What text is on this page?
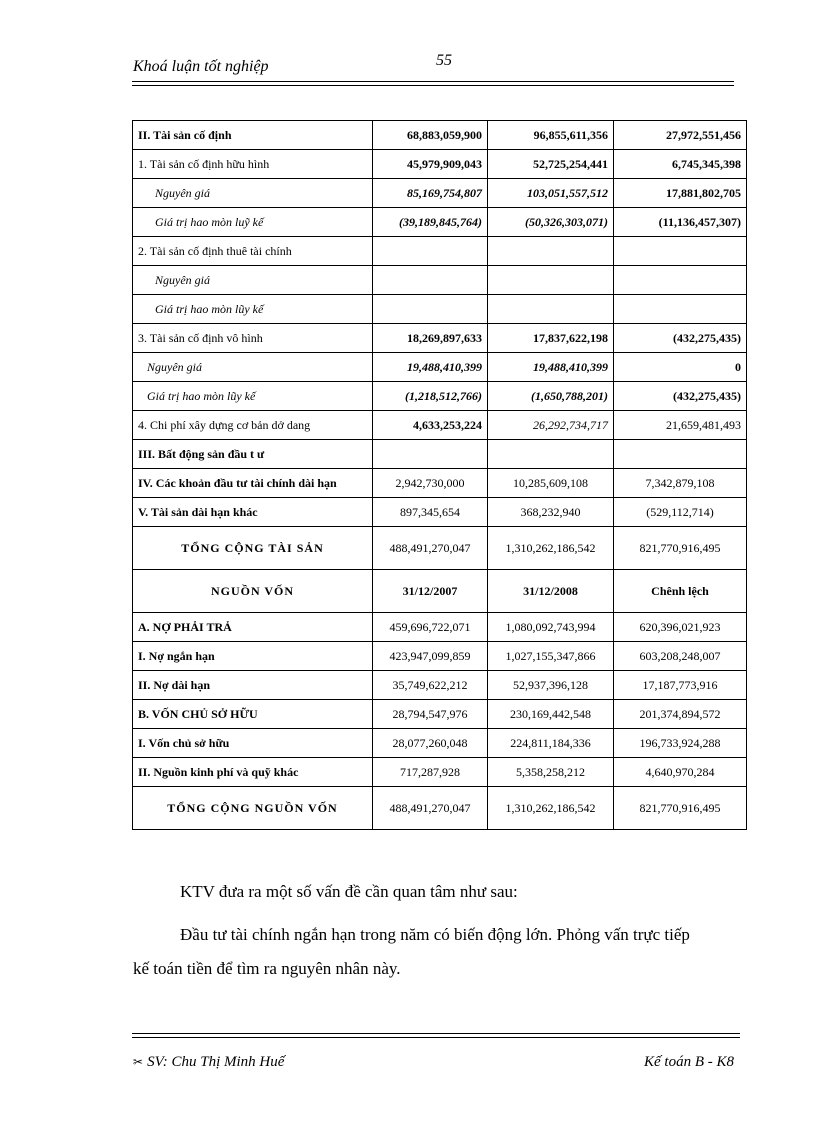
Khoá luận tốt nghiệp	55
II. Tài sản cố định	68,883,059,900	96,855,611,356	27,972,551,456
1. Tài sản cố định hữu hình	45,979,909,043	52,725,254,441	6,745,345,398
Nguyên giá	85,169,754,807	103,051,557,512	17,881,802,705
Giá trị hao mòn luỹ kế	(39,189,845,764)	(50,326,303,071)	(11,136,457,307)
2. Tài sản cố định thuê tài chính			
Nguyên giá			
Giá trị hao mòn lũy kế			
3. Tài sản cố định vô hình	18,269,897,633	17,837,622,198	(432,275,435)
Nguyên giá	19,488,410,399	19,488,410,399	0
Giá trị hao mòn lũy kế	(1,218,512,766)	(1,650,788,201)	(432,275,435)
4. Chi phí xây dựng cơ bản dở dang	4,633,253,224	26,292,734,717	21,659,481,493
III. Bất động sản đầu t ư			
IV. Các khoản đầu tư tài chính dài hạn	2,942,730,000	10,285,609,108	7,342,879,108
V. Tài sản dài hạn khác	897,345,654	368,232,940	(529,112,714)
TỔNG CỘNG TÀI SẢN	488,491,270,047	1,310,262,186,542	821,770,916,495
NGUỒN VỐN	31/12/2007	31/12/2008	Chênh lệch
A. NỢ PHẢI TRẢ	459,696,722,071	1,080,092,743,994	620,396,021,923
I. Nợ ngắn hạn	423,947,099,859	1,027,155,347,866	603,208,248,007
II. Nợ dài hạn	35,749,622,212	52,937,396,128	17,187,773,916
B. VỐN CHỦ SỞ HỮU	28,794,547,976	230,169,442,548	201,374,894,572
I. Vốn chủ sở hữu	28,077,260,048	224,811,184,336	196,733,924,288
II. Nguồn kinh phí và quỹ khác	717,287,928	5,358,258,212	4,640,970,284
TỔNG CỘNG NGUỒN VỐN	488,491,270,047	1,310,262,186,542	821,770,916,495
KTV đưa ra một số vấn đề cần quan tâm như sau:
Đầu tư tài chính ngắn hạn trong năm có biến động lớn. Phỏng vấn trực tiếp
kế toán tiền để tìm ra nguyên nhân này.
✂ SV: Chu Thị Minh Huế	Kế toán B - K8
